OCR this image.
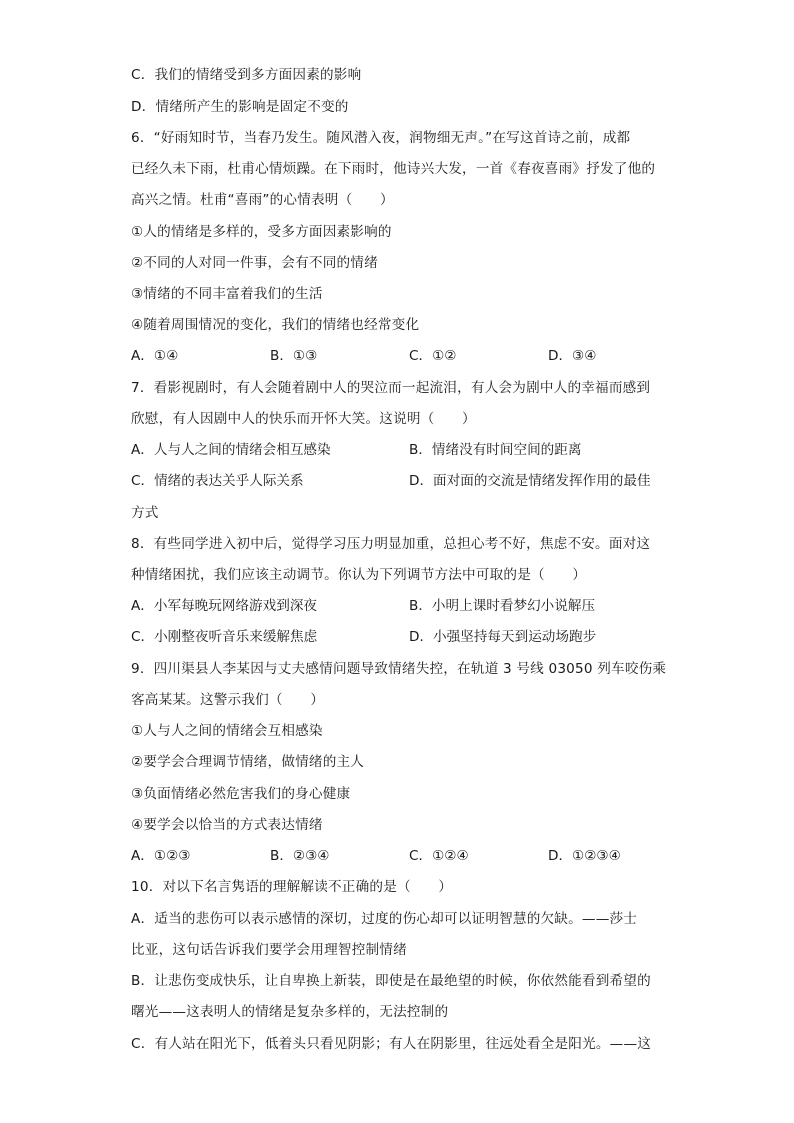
C．我们的情绪受到多方面因素的影响
D．情绪所产生的影响是固定不变的
6．“好雨知时节，当春乃发生。随风潜入夜，润物细无声。”在写这首诗之前，成都
已经久未下雨，杜甫心情烦躁。在下雨时，他诗兴大发，一首《春夜喜雨》抒发了他的
高兴之情。杜甫“喜雨”的心情表明（　　）
①人的情绪是多样的，受多方面因素影响的
②不同的人对同一件事，会有不同的情绪
③情绪的不同丰富着我们的生活
④随着周围情况的变化，我们的情绪也经常变化
A．①④	B．①③	C．①②	D．③④
7．看影视剧时，有人会随着剧中人的哭泣而一起流泪，有人会为剧中人的幸福而感到
欣慰，有人因剧中人的快乐而开怀大笑。这说明（　　）
A．人与人之间的情绪会相互感染	B．情绪没有时间空间的距离
C．情绪的表达关乎人际关系	D．面对面的交流是情绪发挥作用的最佳
方式
8．有些同学进入初中后，觉得学习压力明显加重，总担心考不好，焦虑不安。面对这
种情绪困扰，我们应该主动调节。你认为下列调节方法中可取的是（　　）
A．小军每晚玩网络游戏到深夜	B．小明上课时看梦幻小说解压
C．小刚整夜听音乐来缓解焦虑	D．小强坚持每天到运动场跑步
9．四川渠县人李某因与丈夫感情问题导致情绪失控，在轨道 3 号线 03050 列车咬伤乘
客高某某。这警示我们（　　）
①人与人之间的情绪会互相感染
②要学会合理调节情绪，做情绪的主人
③负面情绪必然危害我们的身心健康
④要学会以恰当的方式表达情绪
A．①②③	B．②③④	C．①②④	D．①②③④
10．对以下名言隽语的理解解读不正确的是（　　）
A．适当的悲伤可以表示感情的深切，过度的伤心却可以证明智慧的欠缺。——莎士
比亚，这句话告诉我们要学会用理智控制情绪
B．让悲伤变成快乐，让自卑换上新装，即使是在最绝望的时候，你依然能看到希望的
曙光——这表明人的情绪是复杂多样的，无法控制的
C．有人站在阳光下，低着头只看见阴影；有人在阴影里，往远处看全是阳光。——这
